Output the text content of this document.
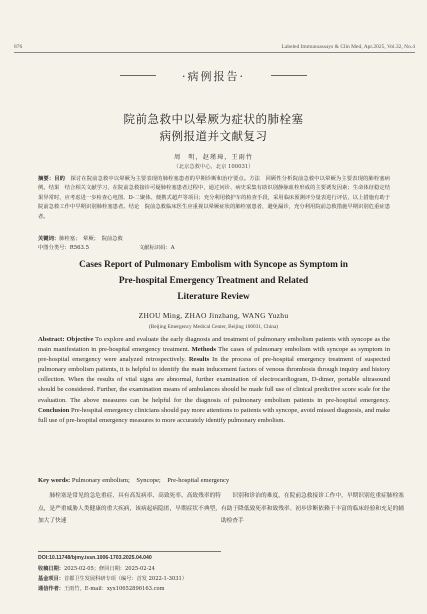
876	Labeled Immunoassays & Clin Med, Apr.2025, Vol.32, No.4
·病例报告·
院前急救中以晕厥为症状的肺栓塞
病例报道并文献复习
周　明，赵瑾璋，王雨竹
（北京急救中心，北京 100031）
摘要：目的　探讨在院前急救中以晕厥为主要表现的肺栓塞患者的早期诊断和治疗要点。方法　回顾性分析院前急救中以晕厥为主要表现的肺栓塞病例。结果　结合相关文献学习，在院前急救接诊可疑肺栓塞患者过程中，通过问诊、病史采集有助识别静脉血栓形成的主要诱发因素；生命体征稳定结果异常时，应考虑进一步检查心电图、D-二聚体、便携式超声等项目；充分利用救护车的检查手段，采用临床预测评分量表进行评估，以上措施有助于院前急救工作中早期识别肺栓塞患者。结论　院前急救临床医生应重视以晕厥症状的肺栓塞患者，避免漏诊，充分利用院前急救措施早期识别危重症患者。
关键词：肺栓塞；　晕厥；　院前急救
中图分类号：R563.5	文献标识码：A
Cases Report of Pulmonary Embolism with Syncope as Symptom in
Pre-hospital Emergency Treatment and Related
Literature Review
ZHOU Ming, ZHAO Jinzhang, WANG Yuzhu
(Beijing Emergency Medical Center, Beijing 100031, China)
Abstract: Objective To explore and evaluate the early diagnosis and treatment of pulmonary embolism patients with syncope as the main manifestation in pre-hospital emergency treatment. Methods The cases of pulmonary embolism with syncope as symptom in pre-hospital emergency were analyzed retrospectively. Results In the process of pre-hospital emergency treatment of suspected pulmonary embolism patients, it is helpful to identify the main inducement factors of venous thrombosis through inquiry and history collection. When the results of vital signs are abnormal, further examination of electrocardiogram, D-dimer, portable ultrasound should be considered. Further, the examination means of ambulances should be made full use of clinical predictive score scale for the evaluation. The above measures can be helpful for the diagnosis of pulmonary embolism patients in pre-hospital emergency. Conclusion Pre-hospital emergency clinicians should pay more attentions to patients with syncope, avoid missed diagnosis, and make full use of pre-hospital emergency measures to more accurately identify pulmonary embolism.
Key words: Pulmonary embolism;　Syncope;　Pre-hospital emergency
肺栓塞是常见的急危重症，具有高发病率、高致死率、高致残率的特点，是严重威胁人类健康的重大疾病，该病起病隐匿，早期症状不典型，加大了快速
识别和诊治的难度，在院前急救接诊工作中，早期识别危重症肺栓塞有助于降低致死率和致残率。初步诊断依赖于丰富的临床经验和充足的辅助检查手
DOI:10.11748/bjmy.issn.1006-1703.2025.04.040
收稿日期：2025-02-05；修回日期：2025-02-24
基金项目：首都卫生发展科研专项（编号：首发 2022-1-3031）
通信作者：王雨竹，E-mail：xyx10652896163.com
